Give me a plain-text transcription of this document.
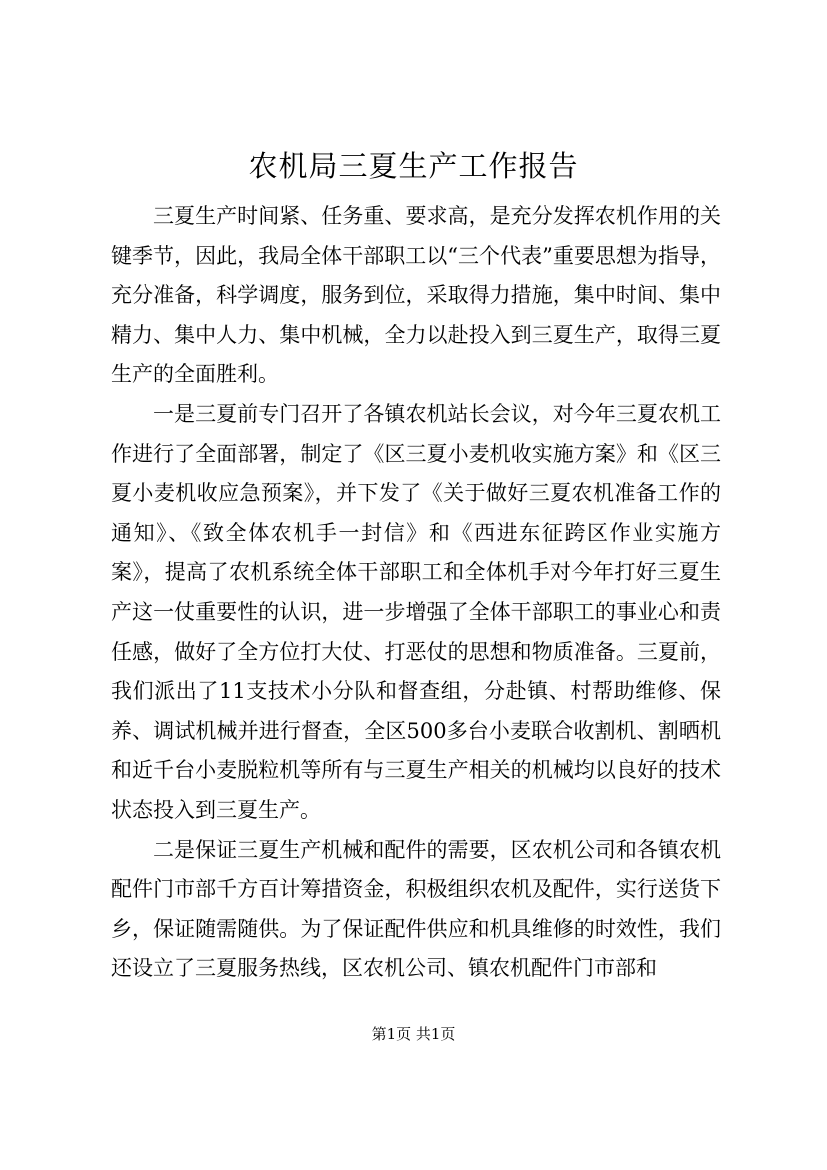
农机局三夏生产工作报告

三夏生产时间紧、任务重、要求高，是充分发挥农机作用的关键季节，因此，我局全体干部职工以“三个代表”重要思想为指导，充分准备，科学调度，服务到位，采取得力措施，集中时间、集中精力、集中人力、集中机械，全力以赴投入到三夏生产，取得三夏生产的全面胜利。

一是三夏前专门召开了各镇农机站长会议，对今年三夏农机工作进行了全面部署，制定了《区三夏小麦机收实施方案》和《区三夏小麦机收应急预案》，并下发了《关于做好三夏农机准备工作的通知》、《致全体农机手一封信》和《西进东征跨区作业实施方案》，提高了农机系统全体干部职工和全体机手对今年打好三夏生产这一仗重要性的认识，进一步增强了全体干部职工的事业心和责任感，做好了全方位打大仗、打恶仗的思想和物质准备。三夏前，我们派出了11支技术小分队和督查组，分赴镇、村帮助维修、保养、调试机械并进行督查，全区500多台小麦联合收割机、割晒机和近千台小麦脱粒机等所有与三夏生产相关的机械均以良好的技术状态投入到三夏生产。

二是保证三夏生产机械和配件的需要，区农机公司和各镇农机配件门市部千方百计筹措资金，积极组织农机及配件，实行送货下乡，保证随需随供。为了保证配件供应和机具维修的时效性，我们还设立了三夏服务热线，区农机公司、镇农机配件门市部和

第1页 共1页
